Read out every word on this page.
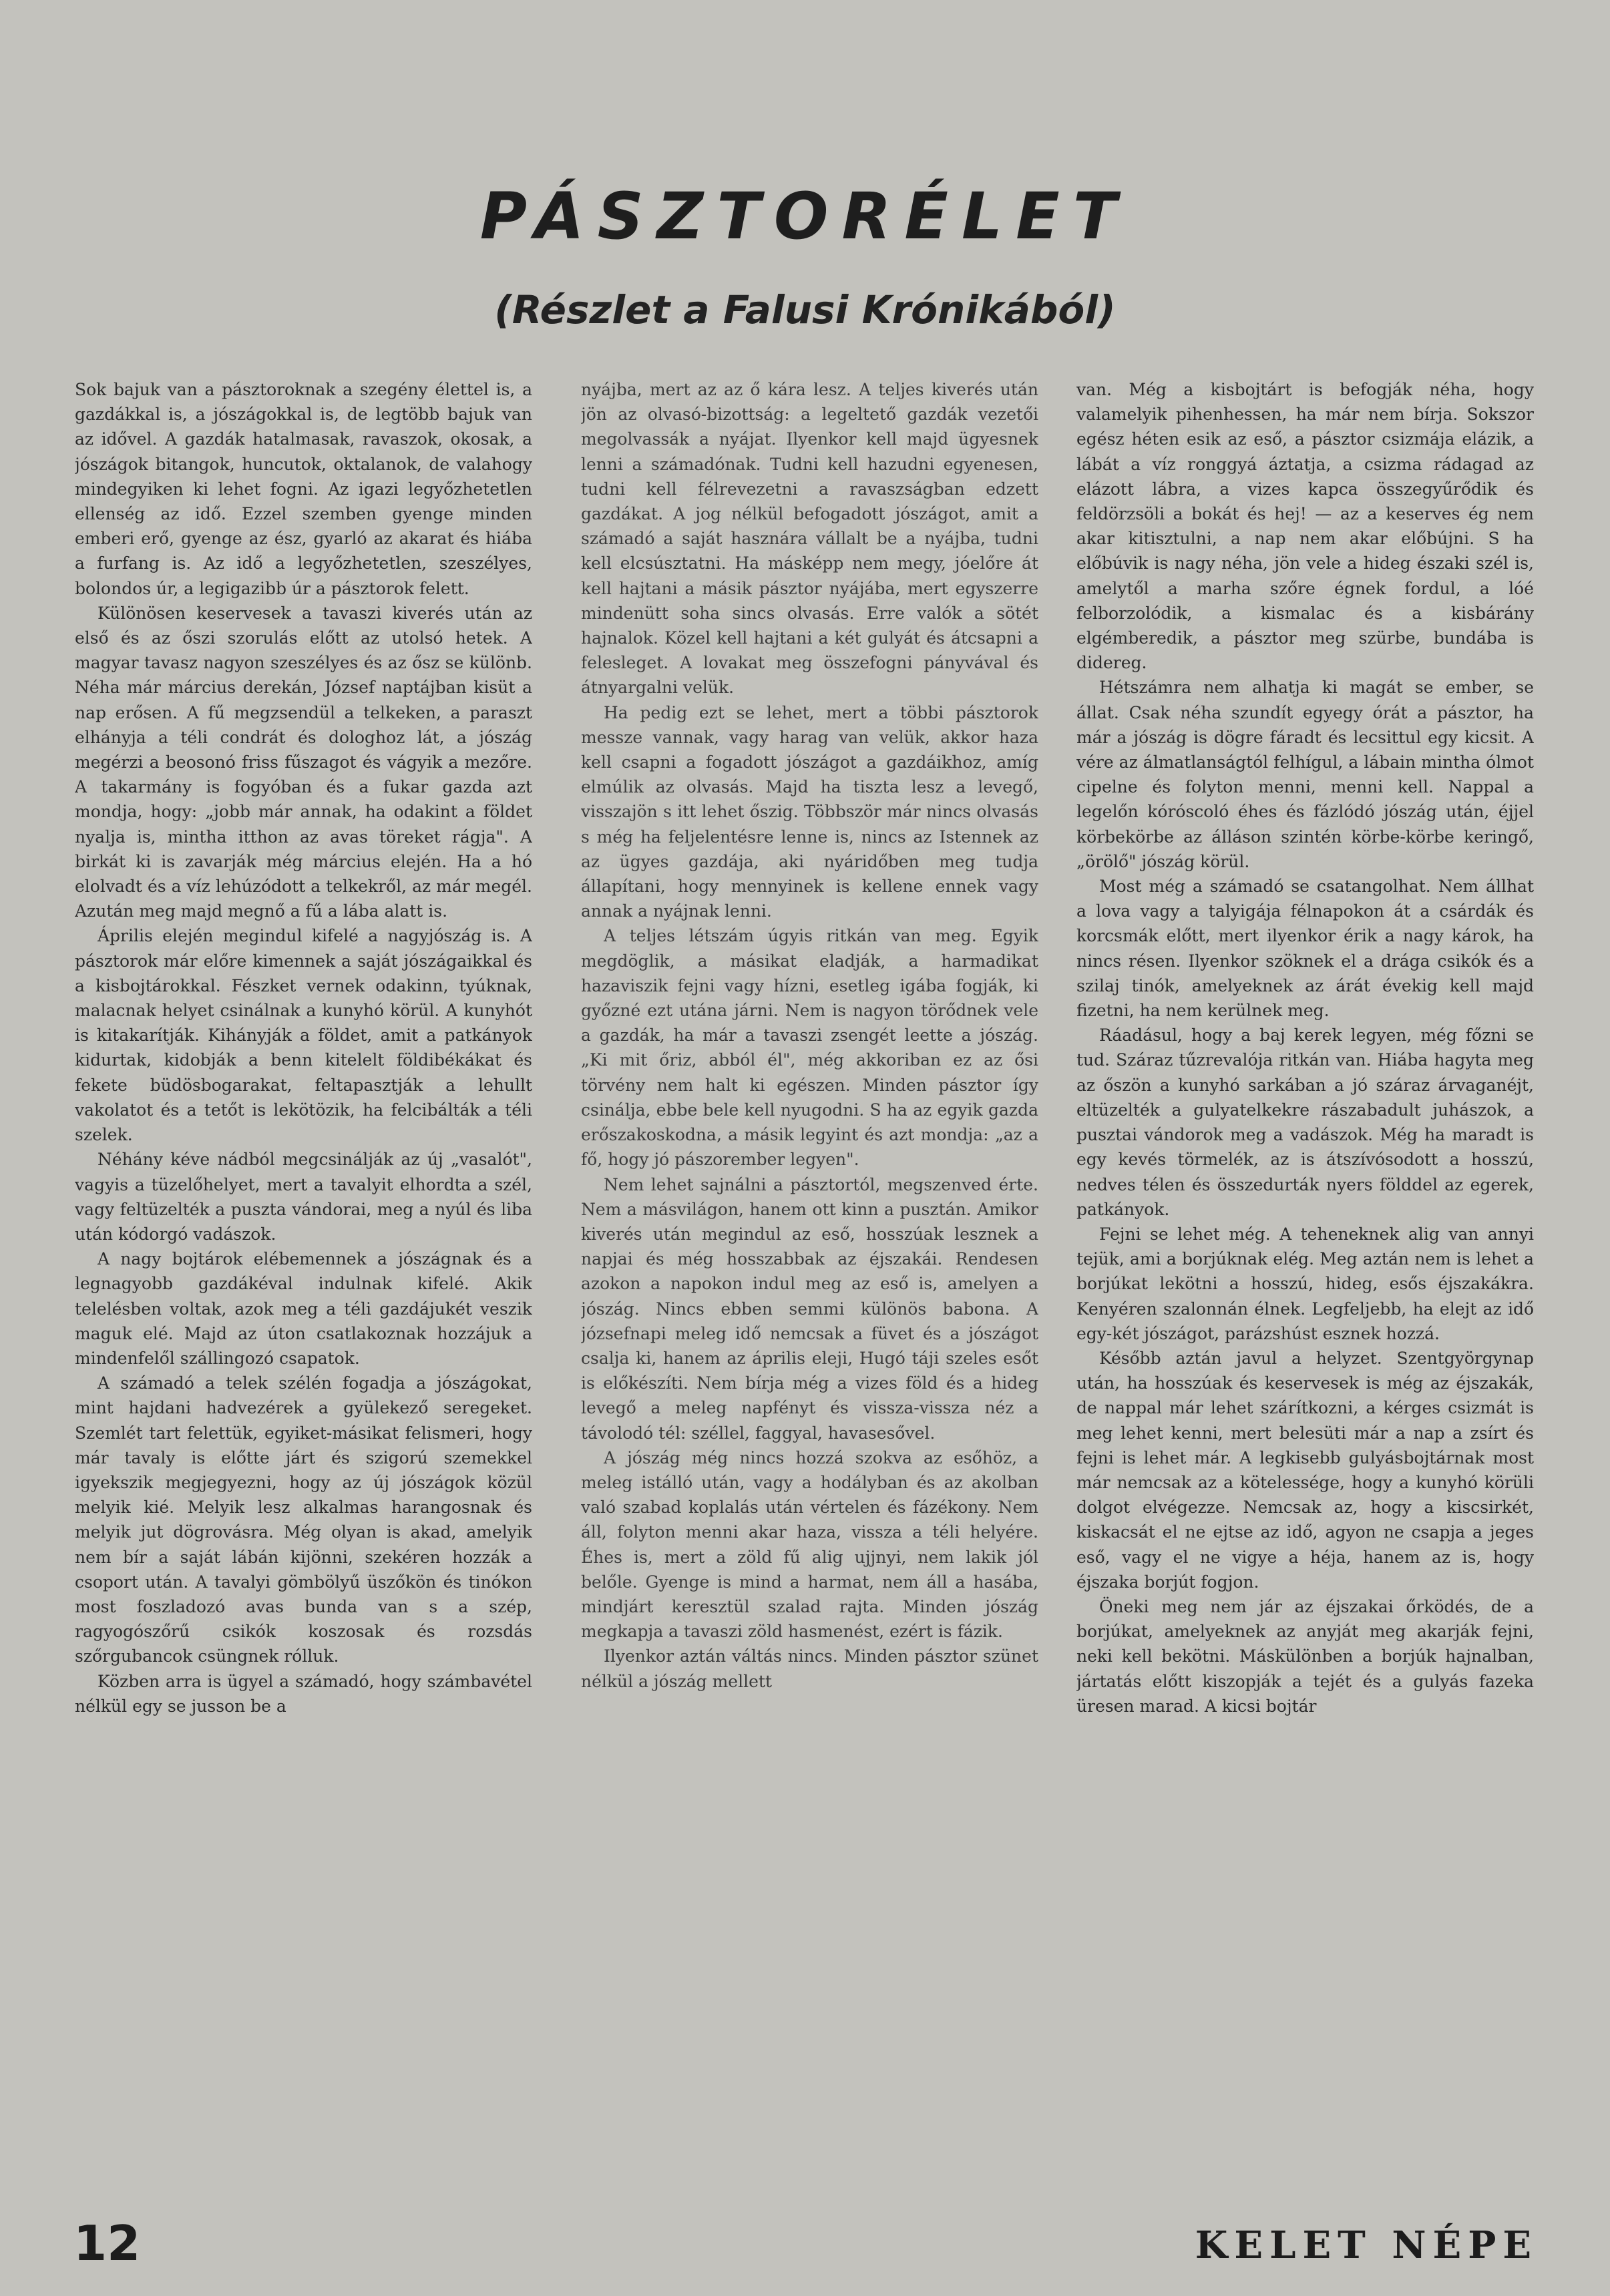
PÁSZTORÉLET
(Részlet a Falusi Krónikából)

Sok bajuk van a pásztoroknak a szegény élettel is, a gazdákkal is, a jószágokkal is, de legtöbb bajuk van az idővel. A gazdák hatalmasak, ravaszok, okosak, a jószágok bitangok, huncutok, oktalanok, de valahogy mindegyiken ki lehet fogni. Az igazi legyőzhetetlen ellenség az idő. Ezzel szemben gyenge minden emberi erő, gyenge az ész, gyarló az akarat és hiába a furfang is. Az idő a legyőzhetetlen, szeszélyes, bolondos úr, a legigazibb úr a pásztorok felett.

Különösen keservesek a tavaszi kiverés után az első és az őszi szorulás előtt az utolsó hetek. A magyar tavasz nagyon szeszélyes és az ősz se különb. Néha már március derekán, József naptájban kisüt a nap erősen. A fű megzsendül a telkeken, a paraszt elhányja a téli condrát és dologhoz lát, a jószág megérzi a beosonó friss fűszagot és vágyik a mezőre. A takarmány is fogyóban és a fukar gazda azt mondja, hogy: „jobb már annak, ha odakint a földet nyalja is, mintha itthon az avas töreket rágja". A birkát ki is zavarják még március elején. Ha a hó elolvadt és a víz lehúzódott a telkekről, az már megél. Azután meg majd megnő a fű a lába alatt is.

Április elején megindul kifelé a nagyjószág is. A pásztorok már előre kimennek a saját jószágaikkal és a kisbojtárokkal. Fészket vernek odakinn, tyúknak, malacnak helyet csinálnak a kunyhó körül. A kunyhót is kitakarítják. Kihányják a földet, amit a patkányok kidurtak, kidobják a benn kitelelt földibékákat és fekete büdösbogarakat, feltapasztják a lehullt vakolatot és a tetőt is lekötözik, ha felcibálták a téli szelek.

Néhány kéve nádból megcsinálják az új „vasalót", vagyis a tüzelőhelyet, mert a tavalyit elhordta a szél, vagy feltüzelték a puszta vándorai, meg a nyúl és liba után kódorgó vadászok.

A nagy bojtárok elébemennek a jószágnak és a legnagyobb gazdákéval indulnak kifelé. Akik telelésben voltak, azok meg a téli gazdájukét veszik maguk elé. Majd az úton csatlakoznak hozzájuk a mindenfelől szállingozó csapatok.

A számadó a telek szélén fogadja a jószágokat, mint hajdani hadvezérek a gyülekező seregeket. Szemlét tart felettük, egyiket-másikat felismeri, hogy már tavaly is előtte járt és szigorú szemekkel igyekszik megjegyezni, hogy az új jószágok közül melyik kié. Melyik lesz alkalmas harangosnak és melyik jut dögrovásra. Még olyan is akad, amelyik nem bír a saját lábán kijönni, szekéren hozzák a csoport után. A tavalyi gömbölyű üszőkön és tinókon most foszladozó avas bunda van s a szép, ragyogószőrű csikók koszosak és rozsdás szőrgubancok csüngnek rólluk.

Közben arra is ügyel a számadó, hogy számbavétel nélkül egy se jusson be a

nyájba, mert az az ő kára lesz. A teljes kiverés után jön az olvasó-bizottság: a legeltető gazdák vezetői megolvassák a nyájat. Ilyenkor kell majd ügyesnek lenni a számadónak. Tudni kell hazudni egyenesen, tudni kell félrevezetni a ravaszságban edzett gazdákat. A jog nélkül befogadott jószágot, amit a számadó a saját hasznára vállalt be a nyájba, tudni kell elcsúsztatni. Ha másképp nem megy, jóelőre át kell hajtani a másik pásztor nyájába, mert egyszerre mindenütt soha sincs olvasás. Erre valók a sötét hajnalok. Közel kell hajtani a két gulyát és átcsapni a felesleget. A lovakat meg összefogni pányvával és átnyargalni velük.

Ha pedig ezt se lehet, mert a többi pásztorok messze vannak, vagy harag van velük, akkor haza kell csapni a fogadott jószágot a gazdáikhoz, amíg elmúlik az olvasás. Majd ha tiszta lesz a levegő, visszajön s itt lehet őszig. Többször már nincs olvasás s még ha feljelentésre lenne is, nincs az Istennek az az ügyes gazdája, aki nyáridőben meg tudja állapítani, hogy mennyinek is kellene ennek vagy annak a nyájnak lenni.

A teljes létszám úgyis ritkán van meg. Egyik megdöglik, a másikat eladják, a harmadikat hazaviszik fejni vagy hízni, esetleg igába fogják, ki győzné ezt utána járni. Nem is nagyon törődnek vele a gazdák, ha már a tavaszi zsengét leette a jószág. „Ki mit őriz, abból él", még akkoriban ez az ősi törvény nem halt ki egészen. Minden pásztor így csinálja, ebbe bele kell nyugodni. S ha az egyik gazda erőszakoskodna, a másik legyint és azt mondja: „az a fő, hogy jó pászorember legyen".

Nem lehet sajnálni a pásztortól, megszenved érte. Nem a másvilágon, hanem ott kinn a pusztán. Amikor kiverés után megindul az eső, hosszúak lesznek a napjai és még hosszabbak az éjszakái. Rendesen azokon a napokon indul meg az eső is, amelyen a jószág. Nincs ebben semmi különös babona. A józsefnapi meleg idő nemcsak a füvet és a jószágot csalja ki, hanem az április eleji, Hugó táji szeles esőt is előkészíti. Nem bírja még a vizes föld és a hideg levegő a meleg napfényt és vissza-vissza néz a távolodó tél: széllel, faggyal, havasesővel.

A jószág még nincs hozzá szokva az esőhöz, a meleg istálló után, vagy a hodályban és az akolban való szabad koplalás után vértelen és fázékony. Nem áll, folyton menni akar haza, vissza a téli helyére. Éhes is, mert a zöld fű alig ujjnyi, nem lakik jól belőle. Gyenge is mind a harmat, nem áll a hasába, mindjárt keresztül szalad rajta. Minden jószág megkapja a tavaszi zöld hasmenést, ezért is fázik.

Ilyenkor aztán váltás nincs. Minden pásztor szünet nélkül a jószág mellett

van. Még a kisbojtárt is befogják néha, hogy valamelyik pihenhessen, ha már nem bírja. Sokszor egész héten esik az eső, a pásztor csizmája elázik, a lábát a víz ronggyá áztatja, a csizma rádagad az elázott lábra, a vizes kapca összegyűrődik és feldörzsöli a bokát és hej! — az a keserves ég nem akar kitisztulni, a nap nem akar előbújni. S ha előbúvik is nagy néha, jön vele a hideg északi szél is, amelytől a marha szőre égnek fordul, a lóé felborzolódik, a kismalac és a kisbárány elgémberedik, a pásztor meg szürbe, bundába is didereg.

Hétszámra nem alhatja ki magát se ember, se állat. Csak néha szundít egyegy órát a pásztor, ha már a jószág is dögre fáradt és lecsittul egy kicsit. A vére az álmatlanságtól felhígul, a lábain mintha ólmot cipelne és folyton menni, menni kell. Nappal a legelőn kóróscoló éhes és fázlódó jószág után, éjjel körbekörbe az álláson szintén körbe-körbe keringő, „örölő" jószág körül.

Most még a számadó se csatangolhat. Nem állhat a lova vagy a talyigája félnapokon át a csárdák és korcsmák előtt, mert ilyenkor érik a nagy károk, ha nincs résen. Ilyenkor szöknek el a drága csikók és a szilaj tinók, amelyeknek az árát évekig kell majd fizetni, ha nem kerülnek meg.

Ráadásul, hogy a baj kerek legyen, még főzni se tud. Száraz tűzrevalója ritkán van. Hiába hagyta meg az őszön a kunyhó sarkában a jó száraz árvaganéjt, eltüzelték a gulyatelkekre rászabadult juhászok, a pusztai vándorok meg a vadászok. Még ha maradt is egy kevés törmelék, az is átszívósodott a hosszú, nedves télen és összedurták nyers földdel az egerek, patkányok.

Fejni se lehet még. A teheneknek alig van annyi tejük, ami a borjúknak elég. Meg aztán nem is lehet a borjúkat lekötni a hosszú, hideg, esős éjszakákra. Kenyéren szalonnán élnek. Legfeljebb, ha elejt az idő egy-két jószágot, parázshúst esznek hozzá.

Később aztán javul a helyzet. Szentgyörgynap után, ha hosszúak és keservesek is még az éjszakák, de nappal már lehet szárítkozni, a kérges csizmát is meg lehet kenni, mert belesüti már a nap a zsírt és fejni is lehet már. A legkisebb gulyásbojtárnak most már nemcsak az a kötelessége, hogy a kunyhó körüli dolgot elvégezze. Nemcsak az, hogy a kiscsirkét, kiskacsát el ne ejtse az idő, agyon ne csapja a jeges eső, vagy el ne vigye a héja, hanem az is, hogy éjszaka borjút fogjon.

Öneki meg nem jár az éjszakai őrködés, de a borjúkat, amelyeknek az anyját meg akarják fejni, neki kell bekötni. Máskülönben a borjúk hajnalban, jártatás előtt kiszopják a tejét és a gulyás fazeka üresen marad. A kicsi bojtár

12	KELET NÉPE
